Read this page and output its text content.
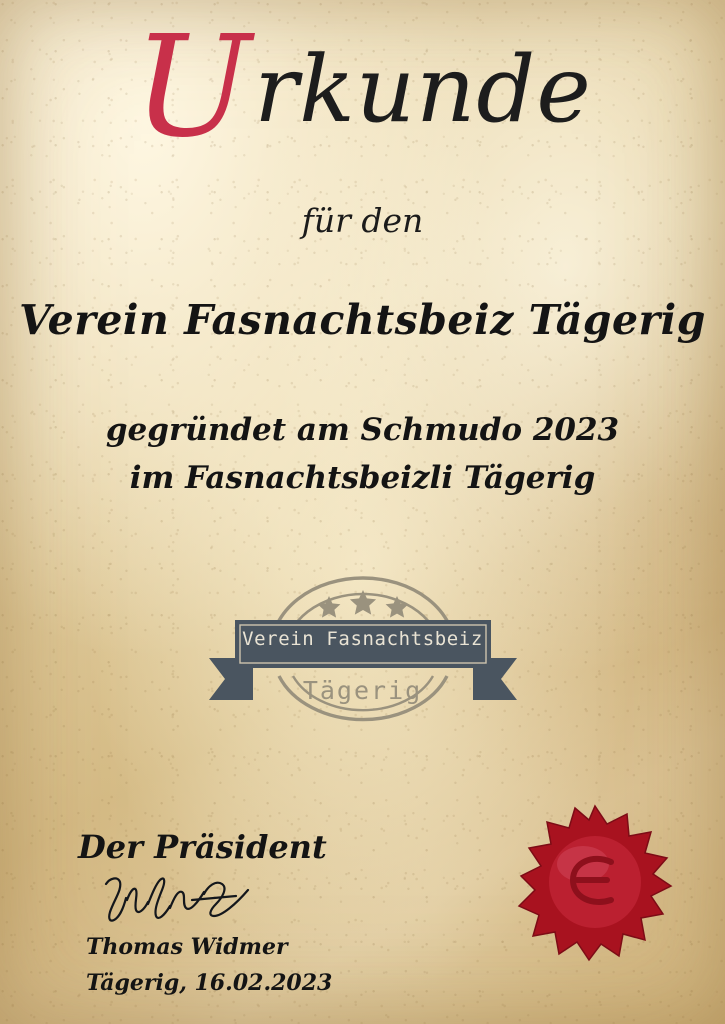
Urkunde

für den

Verein Fasnachtsbeiz Tägerig

gegründet am Schmudo 2023
im Fasnachtsbeizli Tägerig
Verein Fasnachtsbeiz
Tägerig
Der Präsident
Thomas Widmer
Tägerig, 16.02.2023
